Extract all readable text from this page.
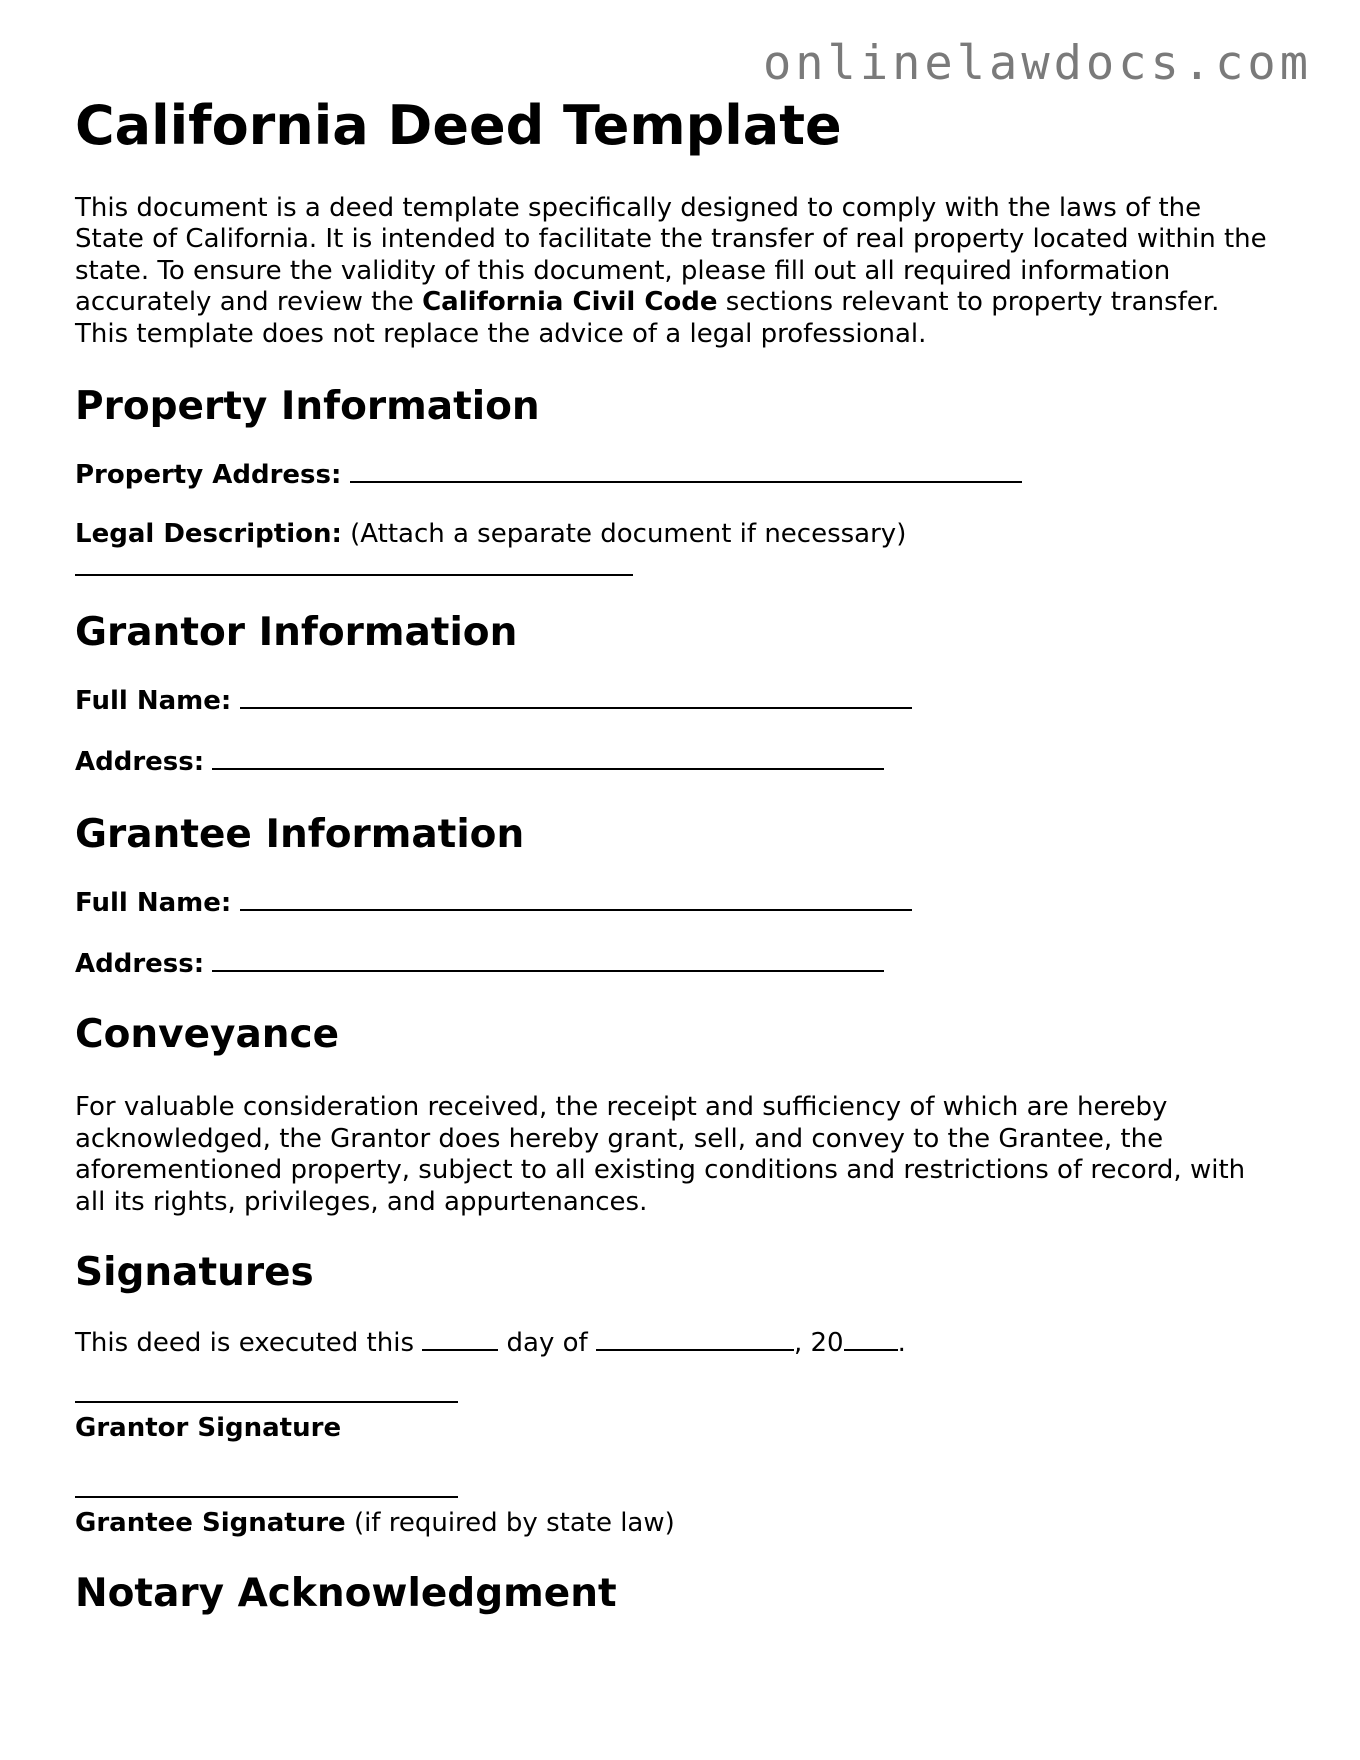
onlinelawdocs.com
California Deed Template

This document is a deed template specifically designed to comply with the laws of the State of California. It is intended to facilitate the transfer of real property located within the state. To ensure the validity of this document, please fill out all required information accurately and review the California Civil Code sections relevant to property transfer. This template does not replace the advice of a legal professional.

Property Information
Property Address:
Legal Description: (Attach a separate document if necessary)
Grantor Information
Full Name:
Address:
Grantee Information
Full Name:
Address:
Conveyance

For valuable consideration received, the receipt and sufficiency of which are hereby acknowledged, the Grantor does hereby grant, sell, and convey to the Grantee, the aforementioned property, subject to all existing conditions and restrictions of record, with all its rights, privileges, and appurtenances.

Signatures
This deed is executed this	day of	, 20 .
Grantor Signature
Grantee Signature (if required by state law)
Notary Acknowledgment
